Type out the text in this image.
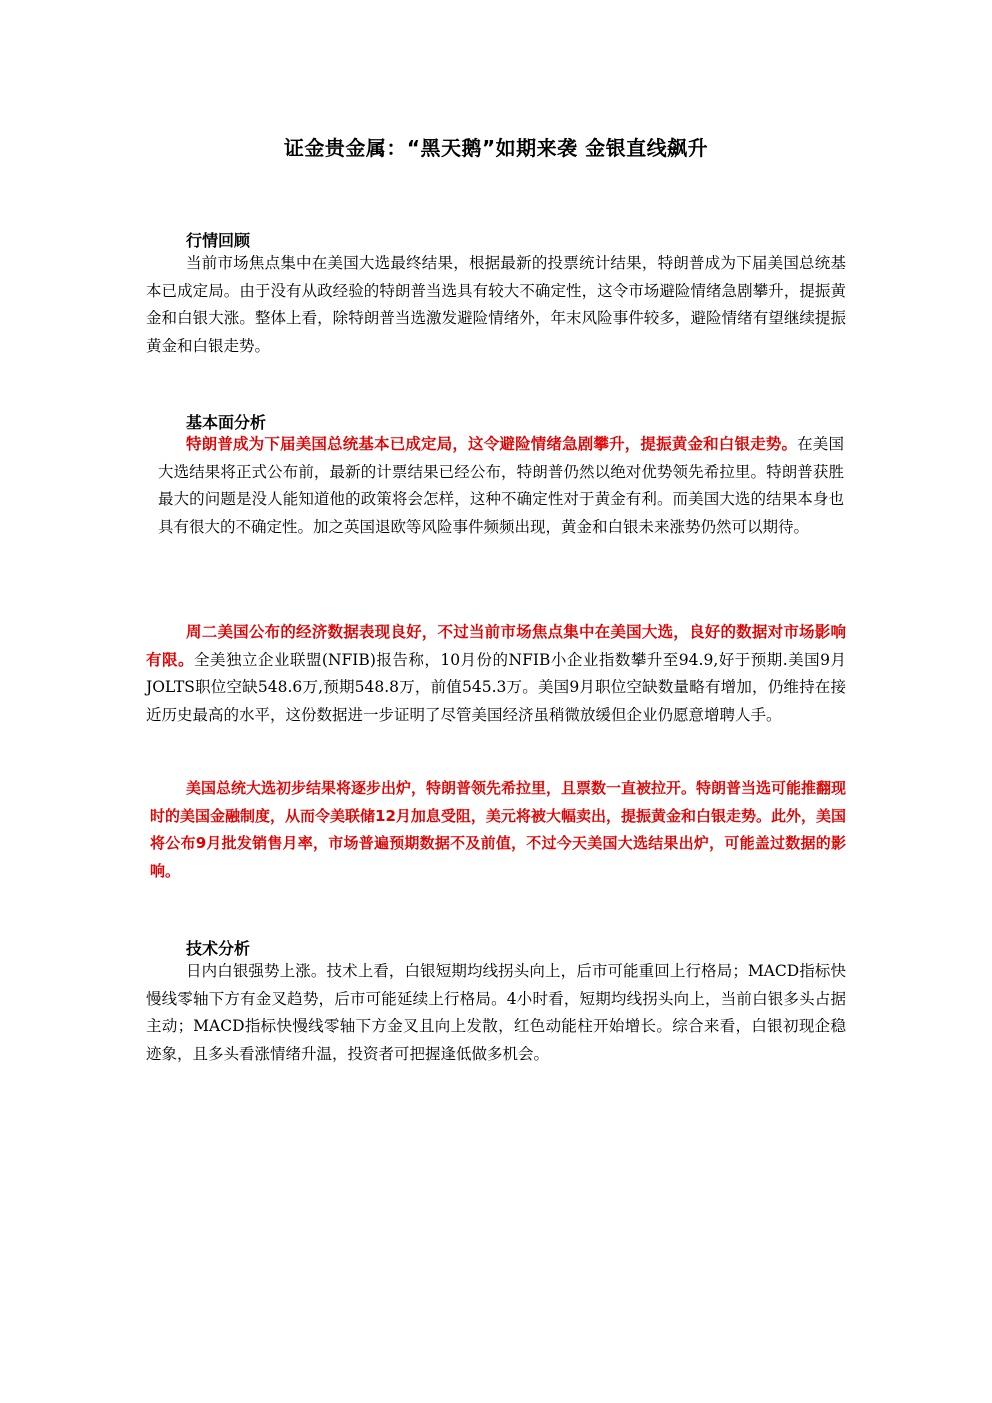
证金贵金属：“黑天鹅”如期来袭 金银直线飙升
行情回顾

当前市场焦点集中在美国大选最终结果，根据最新的投票统计结果，特朗普成为下届美国总统基本已成定局。由于没有从政经验的特朗普当选具有较大不确定性，这令市场避险情绪急剧攀升，提振黄金和白银大涨。整体上看，除特朗普当选激发避险情绪外，年末风险事件较多，避险情绪有望继续提振黄金和白银走势。

基本面分析

特朗普成为下届美国总统基本已成定局，这令避险情绪急剧攀升，提振黄金和白银走势。在美国大选结果将正式公布前，最新的计票结果已经公布，特朗普仍然以绝对优势领先希拉里。特朗普获胜最大的问题是没人能知道他的政策将会怎样，这种不确定性对于黄金有利。而美国大选的结果本身也具有很大的不确定性。加之英国退欧等风险事件频频出现，黄金和白银未来涨势仍然可以期待。

周二美国公布的经济数据表现良好，不过当前市场焦点集中在美国大选，良好的数据对市场影响有限。全美独立企业联盟(NFIB)报告称，10月份的NFIB小企业指数攀升至94.9,好于预期.美国9月JOLTS职位空缺548.6万,预期548.8万，前值545.3万。美国9月职位空缺数量略有增加，仍维持在接近历史最高的水平，这份数据进一步证明了尽管美国经济虽稍微放缓但企业仍愿意增聘人手。

美国总统大选初步结果将逐步出炉，特朗普领先希拉里，且票数一直被拉开。特朗普当选可能推翻现时的美国金融制度，从而令美联储12月加息受阻，美元将被大幅卖出，提振黄金和白银走势。此外，美国将公布9月批发销售月率，市场普遍预期数据不及前值，不过今天美国大选结果出炉，可能盖过数据的影响。

技术分析

日内白银强势上涨。技术上看，白银短期均线拐头向上，后市可能重回上行格局；MACD指标快慢线零轴下方有金叉趋势，后市可能延续上行格局。4小时看，短期均线拐头向上，当前白银多头占据主动；MACD指标快慢线零轴下方金叉且向上发散，红色动能柱开始增长。综合来看，白银初现企稳迹象，且多头看涨情绪升温，投资者可把握逢低做多机会。
